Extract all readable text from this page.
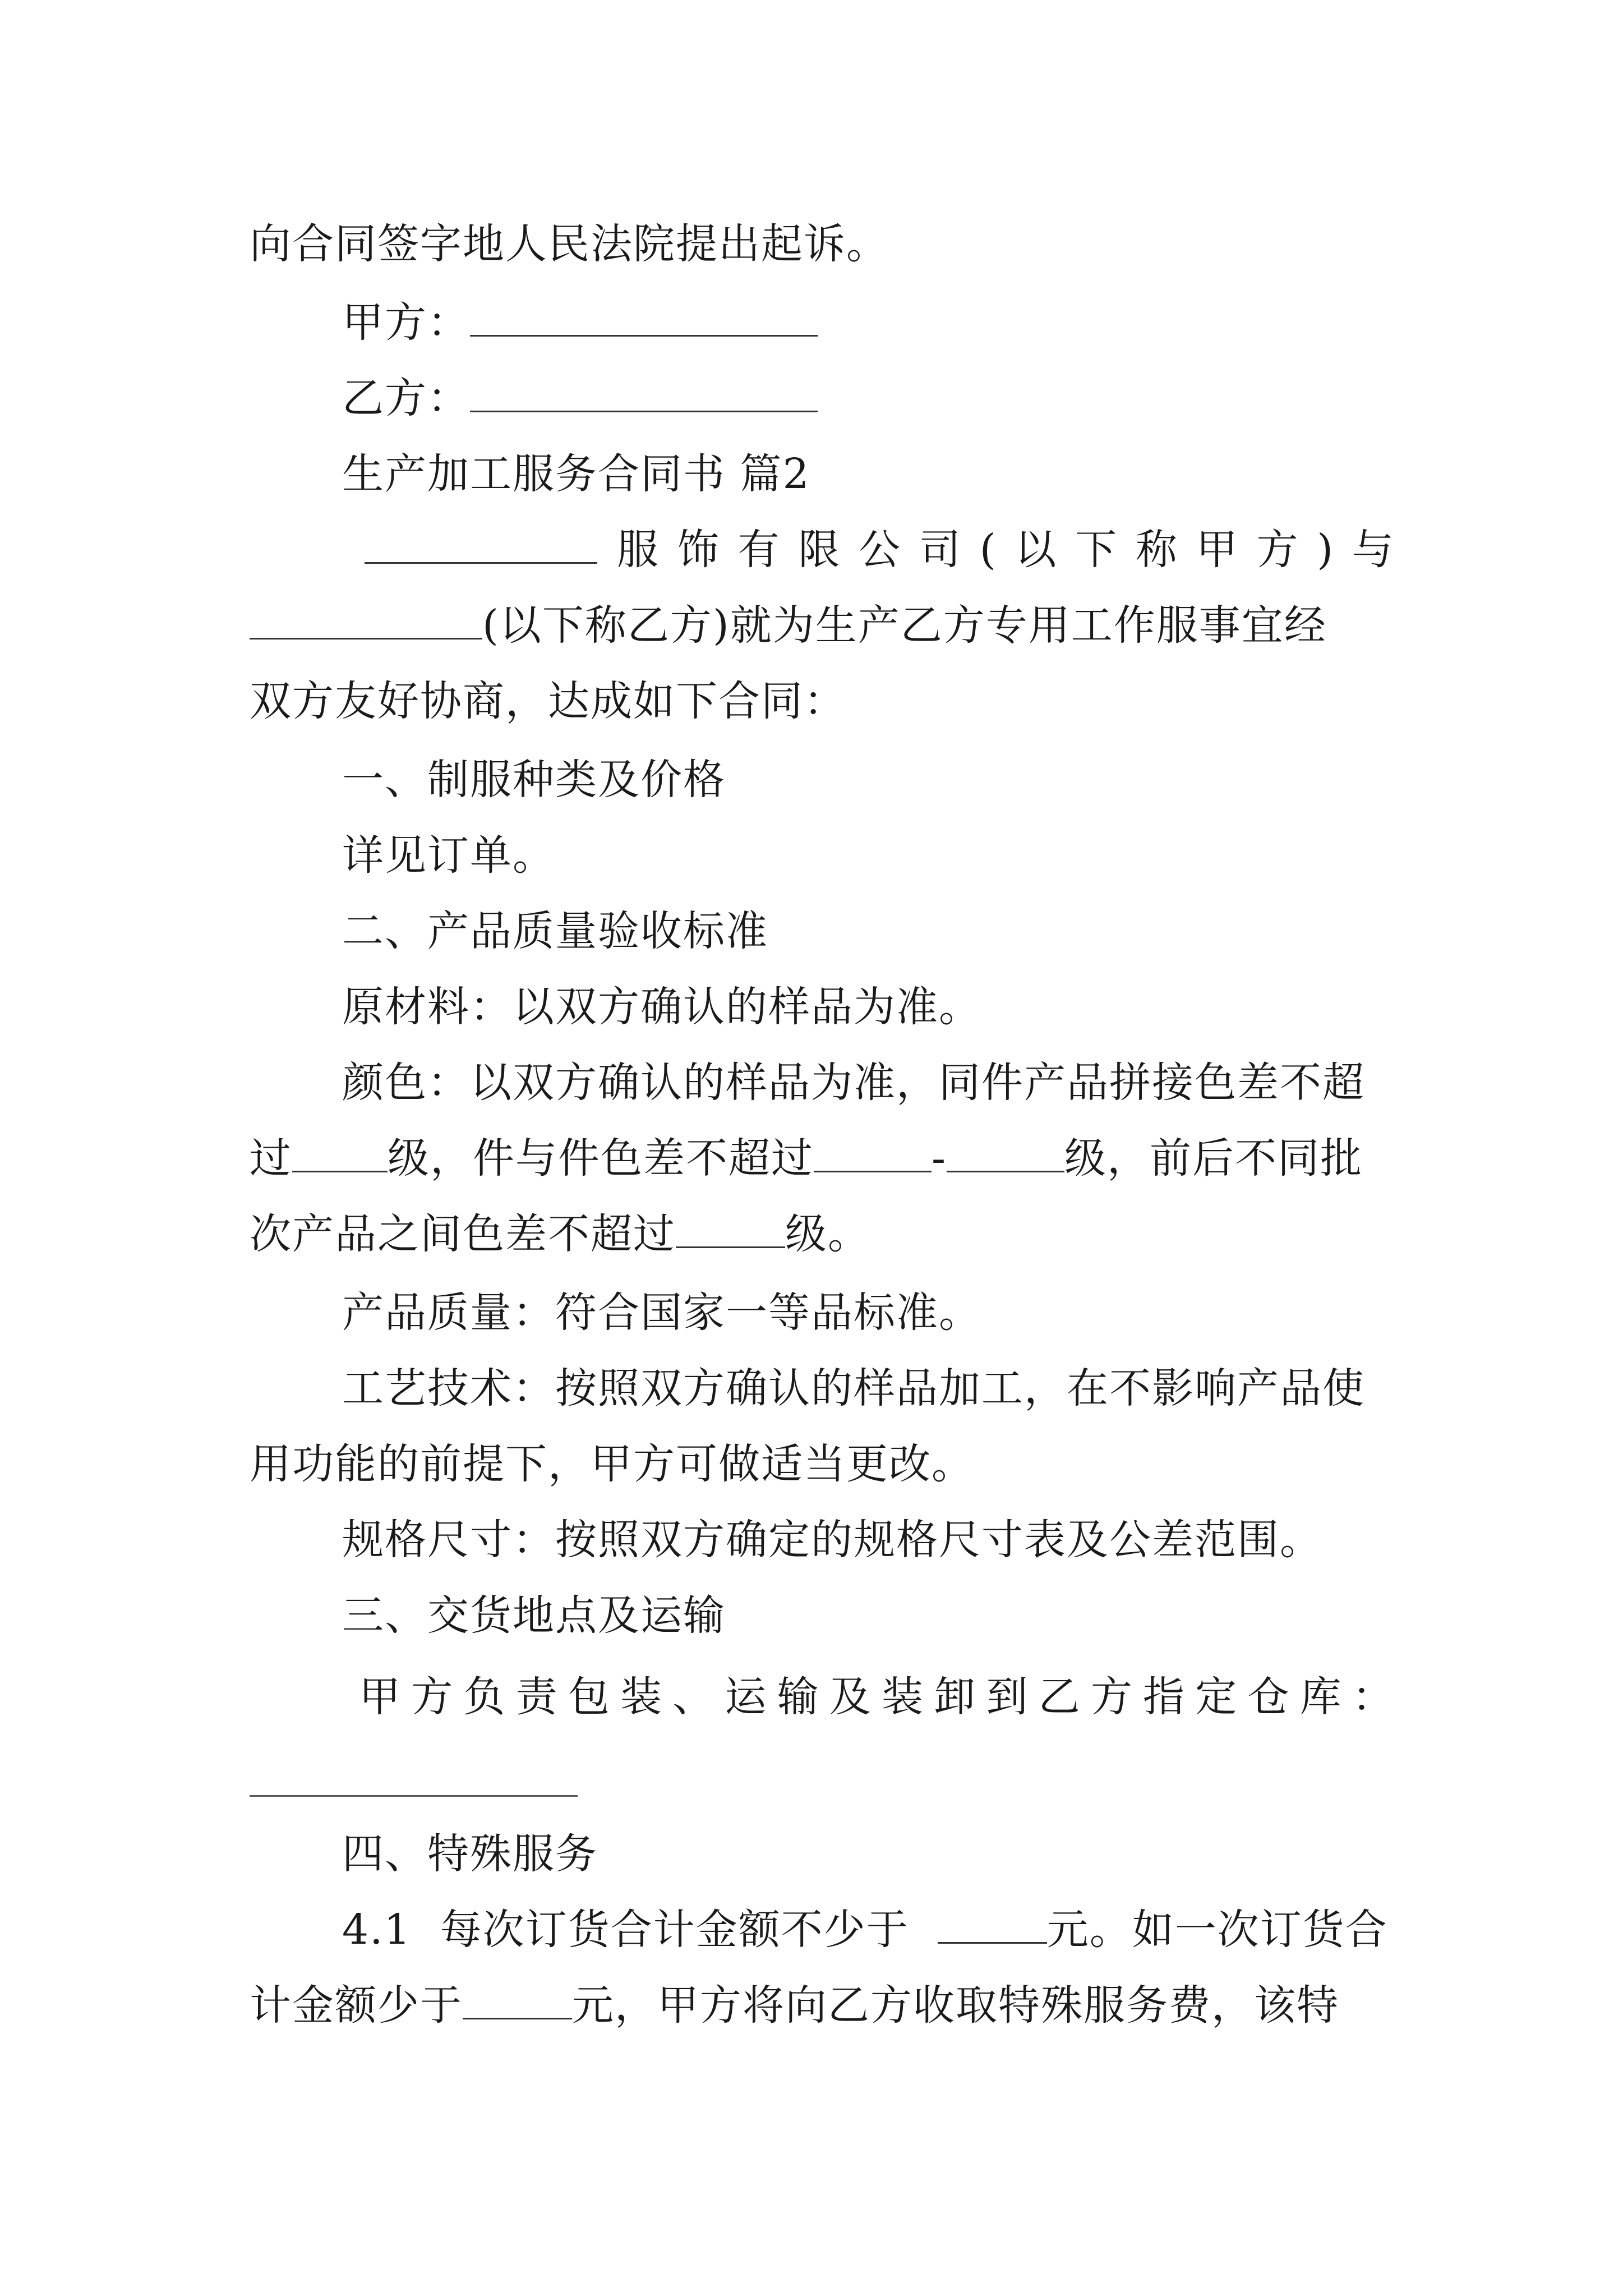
向合同签字地人民法院提出起诉。
甲方：
乙方：
生产加工服务合同书 篇2
服 饰 有 限 公 司 ( 以 下 称 甲 方 ) 与
(以下称乙方)就为生产乙方专用工作服事宜经
双方友好协商，达成如下合同：
一、制服种类及价格
详见订单。
二、产品质量验收标准
原材料：以双方确认的样品为准。
颜色：以双方确认的样品为准，同件产品拼接色差不超
过 级，件与件色差不超过	-	级，前后不同批
次产品之间色差不超过	级。
产品质量：符合国家一等品标准。
工艺技术：按照双方确认的样品加工，在不影响产品使
用功能的前提下，甲方可做适当更改。
规格尺寸：按照双方确定的规格尺寸表及公差范围。
三、交货地点及运输
甲 方 负 责 包 装 、 运 输 及 装 卸 到 乙 方 指 定 仓 库 ：
四、特殊服务
4.1  每次订货合计金额不少于	元。如一次订货合
计金额少于	元，甲方将向乙方收取特殊服务费，该特
